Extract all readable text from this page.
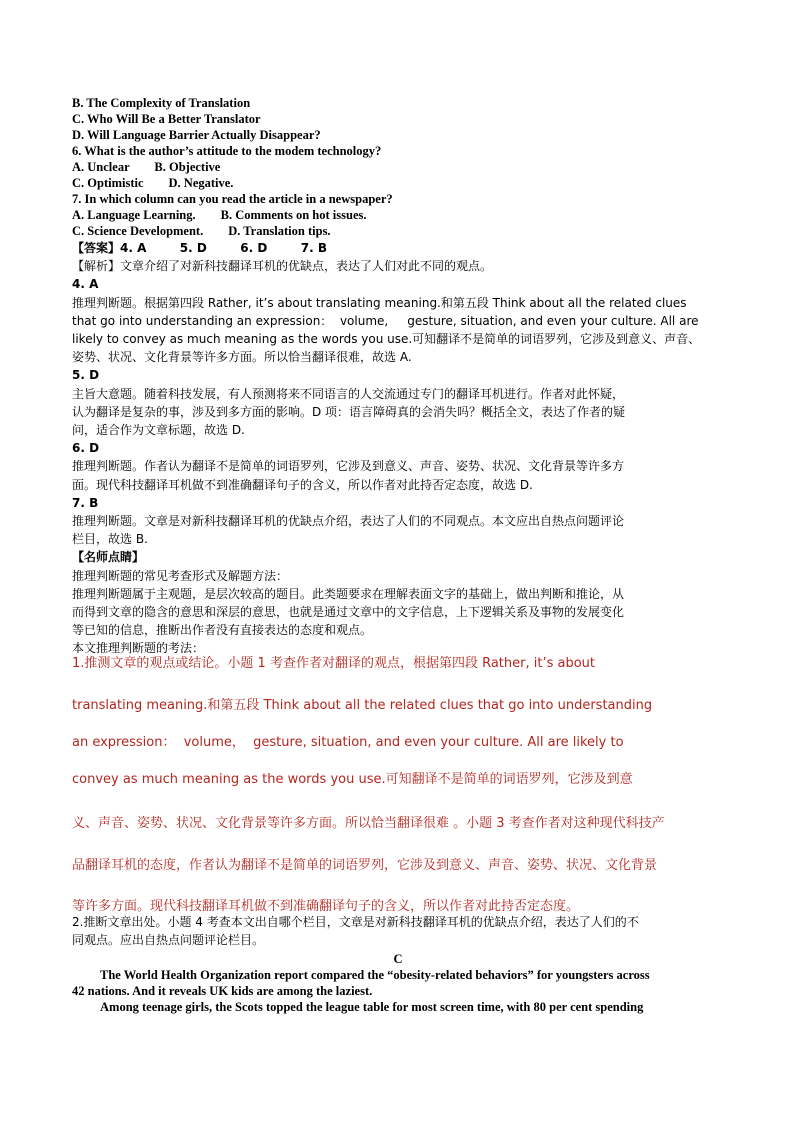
B. The Complexity of Translation
C. Who Will Be a Better Translator
D. Will Language Barrier Actually Disappear?
6. What is the author’s attitude to the modem technology?
A. Unclear        B. Objective
C. Optimistic        D. Negative.
7. In which column can you read the article in a newspaper?
A. Language Learning.        B. Comments on hot issues.
C. Science Development.        D. Translation tips.
【答案】4. A        5. D        6. D        7. B
【解析】文章介绍了对新科技翻译耳机的优缺点，表达了人们对此不同的观点。
4. A
推理判断题。根据第四段 Rather, it’s about translating meaning.和第五段 Think about all the related clues
that go into understanding an expression：  volume,     gesture, situation, and even your culture. All are
likely to convey as much meaning as the words you use.可知翻译不是简单的词语罗列，它涉及到意义、声音、
姿势、状况、文化背景等许多方面。所以恰当翻译很难，故选 A.
5. D
主旨大意题。随着科技发展，有人预测将来不同语言的人交流通过专门的翻译耳机进行。作者对此怀疑，
认为翻译是复杂的事，涉及到多方面的影响。D 项：语言障碍真的会消失吗？概括全文，表达了作者的疑
问，适合作为文章标题，故选 D.
6. D
推理判断题。作者认为翻译不是简单的词语罗列，它涉及到意义、声音、姿势、状况、文化背景等许多方
面。现代科技翻译耳机做不到准确翻译句子的含义，所以作者对此持否定态度，故选 D.
7. B
推理判断题。文章是对新科技翻译耳机的优缺点介绍，表达了人们的不同观点。本文应出自热点问题评论
栏目，故选 B.
【名师点睛】
推理判断题的常见考查形式及解题方法：
推理判断题属于主观题，是层次较高的题目。此类题要求在理解表面文字的基础上，做出判断和推论，从
而得到文章的隐含的意思和深层的意思，也就是通过文章中的文字信息，上下逻辑关系及事物的发展变化
等已知的信息，推断出作者没有直接表达的态度和观点。
本文推理判断题的考法：
1.推测文章的观点或结论。小题 1 考查作者对翻译的观点，根据第四段 Rather, it’s about
translating meaning.和第五段 Think about all the related clues that go into understanding
an expression：  volume，  gesture, situation, and even your culture. All are likely to
convey as much meaning as the words you use.可知翻译不是简单的词语罗列，它涉及到意
义、声音、姿势、状况、文化背景等许多方面。所以恰当翻译很难 。小题 3 考查作者对这种现代科技产
品翻译耳机的态度，作者认为翻译不是简单的词语罗列，它涉及到意义、声音、姿势、状况、文化背景
等许多方面。现代科技翻译耳机做不到准确翻译句子的含义，所以作者对此持否定态度。
2.推断文章出处。小题 4 考查本文出自哪个栏目，文章是对新科技翻译耳机的优缺点介绍，表达了人们的不
同观点。应出自热点问题评论栏目。
C
The World Health Organization report compared the “obesity-related behaviors” for youngsters across
42 nations. And it reveals UK kids are among the laziest.
Among teenage girls, the Scots topped the league table for most screen time, with 80 per cent spending
